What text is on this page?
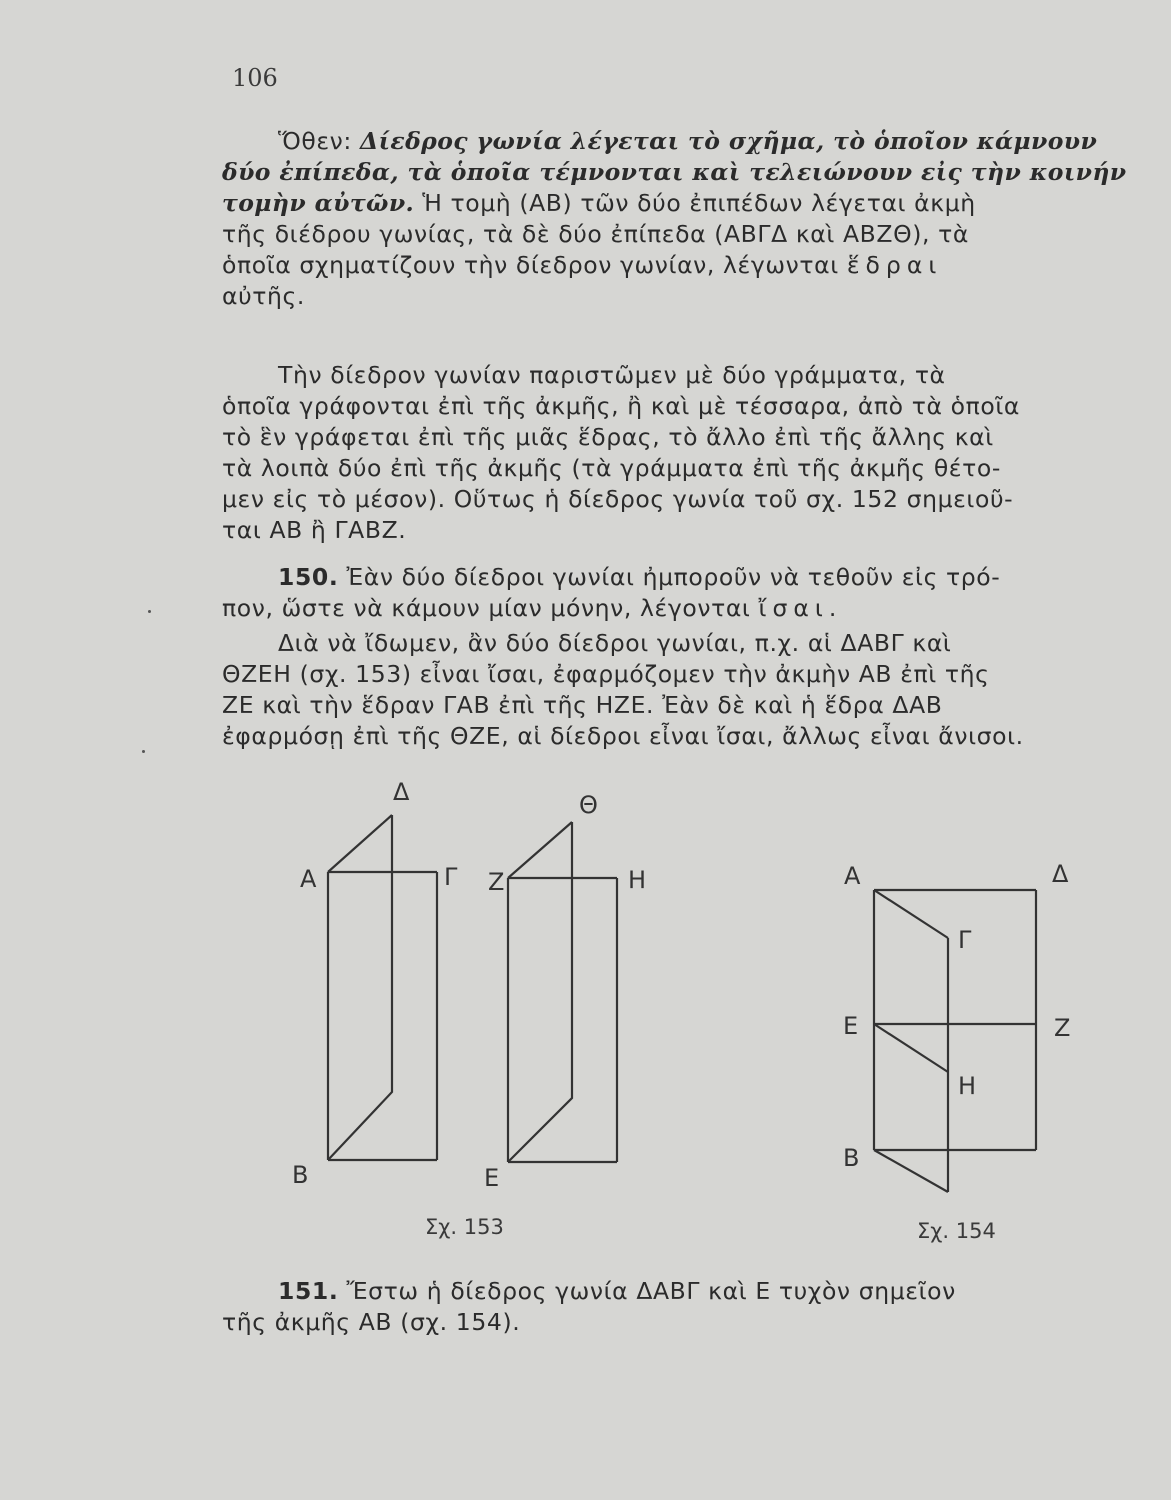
106
Ὅθεν: Δίεδρος γωνία λέγεται τὸ σχῆμα, τὸ ὁποῖον κάμνουν
δύο ἐπίπεδα, τὰ ὁποῖα τέμνονται καὶ τελειώνουν εἰς τὴν κοινήν
τομὴν αὐτῶν. Ἡ τομὴ (ΑΒ) τῶν δύο ἐπιπέδων λέγεται ἀκμὴ
τῆς διέδρου γωνίας, τὰ δὲ δύο ἐπίπεδα (ΑΒΓΔ καὶ ΑΒΖΘ), τὰ
ὁποῖα σχηματίζουν τὴν δίεδρον γωνίαν, λέγωνται ἕδραι
αὐτῆς.
Τὴν δίεδρον γωνίαν παριστῶμεν μὲ δύο γράμματα, τὰ
ὁποῖα γράφονται ἐπὶ τῆς ἀκμῆς, ἢ καὶ μὲ τέσσαρα, ἀπὸ τὰ ὁποῖα
τὸ ἓν γράφεται ἐπὶ τῆς μιᾶς ἕδρας, τὸ ἄλλο ἐπὶ τῆς ἄλλης καὶ
τὰ λοιπὰ δύο ἐπὶ τῆς ἀκμῆς (τὰ γράμματα ἐπὶ τῆς ἀκμῆς θέτο-
μεν εἰς τὸ μέσον). Οὕτως ἡ δίεδρος γωνία τοῦ σχ. 152 σημειοῦ-
ται ΑΒ ἢ ΓΑΒΖ.
150. Ἐὰν δύο δίεδροι γωνίαι ἠμποροῦν νὰ τεθοῦν εἰς τρό-
πον, ὥστε νὰ κάμουν μίαν μόνην, λέγονται ἴσαι.
Διὰ νὰ ἴδωμεν, ἂν δύο δίεδροι γωνίαι, π.χ. αἱ ΔΑΒΓ καὶ
ΘΖΕΗ (σχ. 153) εἶναι ἴσαι, ἐφαρμόζομεν τὴν ἀκμὴν ΑΒ ἐπὶ τῆς
ΖΕ καὶ τὴν ἕδραν ΓΑΒ ἐπὶ τῆς ΗΖΕ. Ἐὰν δὲ καὶ ἡ ἕδρα ΔΑΒ
ἐφαρμόσῃ ἐπὶ τῆς ΘΖΕ, αἱ δίεδροι εἶναι ἴσαι, ἄλλως εἶναι ἄνισοι.
Δ
Α	Γ
Β
Θ
Ζ	Η
Ε
Α	Δ
Γ
Ε	Ζ
Η
Β
Σχ. 153	Σχ. 154
151. Ἔστω ἡ δίεδρος γωνία ΔΑΒΓ καὶ Ε τυχὸν σημεῖον
τῆς ἀκμῆς ΑΒ (σχ. 154).
